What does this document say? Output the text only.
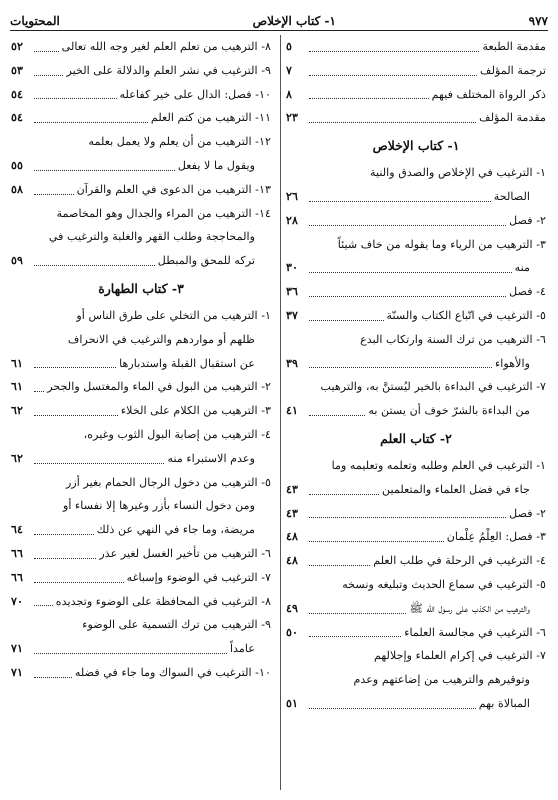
٩٧٧
١- كتاب الإخلاص
المحتويات
مقدمة الطبعة
٥
ترجمة المؤلف
٧
ذكر الرواة المختلف فيهم
٨
مقدمة المؤلف
٢٣
١- كتاب الإخلاص
١- الترغيب في الإخلاص والصدق والنية
الصالحة
٢٦
٢- فصل
٢٨
٣- الترهيب من الرياء وما يقوله من خاف شيئاً
منه
٣٠
٤- فصل
٣٦
٥- الترغيب في اتّباع الكتاب والسنّة
٣٧
٦- الترهيب من ترك السنة وارتكاب البدع
والأهواء
٣٩
٧- الترغيب في البداءة بالخير ليُستنَّ به، والترهيب
من البداءة بالشرّ خوف أن يستن به
٤١
٢- كتاب العلم
١- الترغيب في العلم وطلبه وتعلمه وتعليمه وما
جاء في فضل العلماء والمتعلمين
٤٣
٢- فصل
٤٣
٣- فصل: العِلْمُ عِلْمان
٤٨
٤- الترغيب في الرحلة في طلب العلم
٤٨
٥- الترغيب في سماع الحديث وتبليغه ونسخه
والترهيب من الكذب على رسول الله ﷺ
٤٩
٦- الترغيب في مجالسة العلماء
٥٠
٧- الترغيب في إكرام العلماء وإجلالهم
وتوقيرهم والترهيب من إضاعتهم وعدم
المبالاة بهم
٥١
٨- الترهيب من تعلم العلم لغير وجه الله تعالى
٥٢
٩- الترغيب في نشر العلم والدلالة على الخير
٥٣
١٠- فصل: الدال على خير كفاعله
٥٤
١١- الترهيب من كتم العلم
٥٤
١٢- الترهيب من أن يعلم ولا يعمل بعلمه
ويقول ما لا يفعل
٥٥
١٣- الترهيب من الدعوى في العلم والقرآن
٥٨
١٤- الترهيب من المراء والجدال وهو المخاصمة
والمحاججة وطلب القهر والغلبة والترغيب في
تركه للمحق والمبطل
٥٩
٣- كتاب الطهارة
١- الترهيب من التخلي على طرق الناس أو
ظلهم أو مواردهم والترغيب في الانحراف
عن استقبال القبلة واستدبارها
٦١
٢- الترهيب من البول في الماء والمغتسل والجحر
٦١
٣- الترهيب من الكلام على الخلاء
٦٢
٤- الترهيب من إصابة البول الثوب وغيره،
وعدم الاستبراء منه
٦٢
٥- الترهيب من دخول الرجال الحمام بغير أزر
ومن دخول النساء بأزر وغيرها إلا نفساء أو
مريضة، وما جاء في النهي عن ذلك
٦٤
٦- الترهيب من تأخير الغسل لغير عذر
٦٦
٧- الترغيب في الوضوء وإسباغه
٦٦
٨- الترغيب في المحافظة على الوضوء وتجديده
٧٠
٩- الترهيب من ترك التسمية على الوضوء
عامداً
٧١
١٠- الترغيب في السواك وما جاء في فضله
٧١
